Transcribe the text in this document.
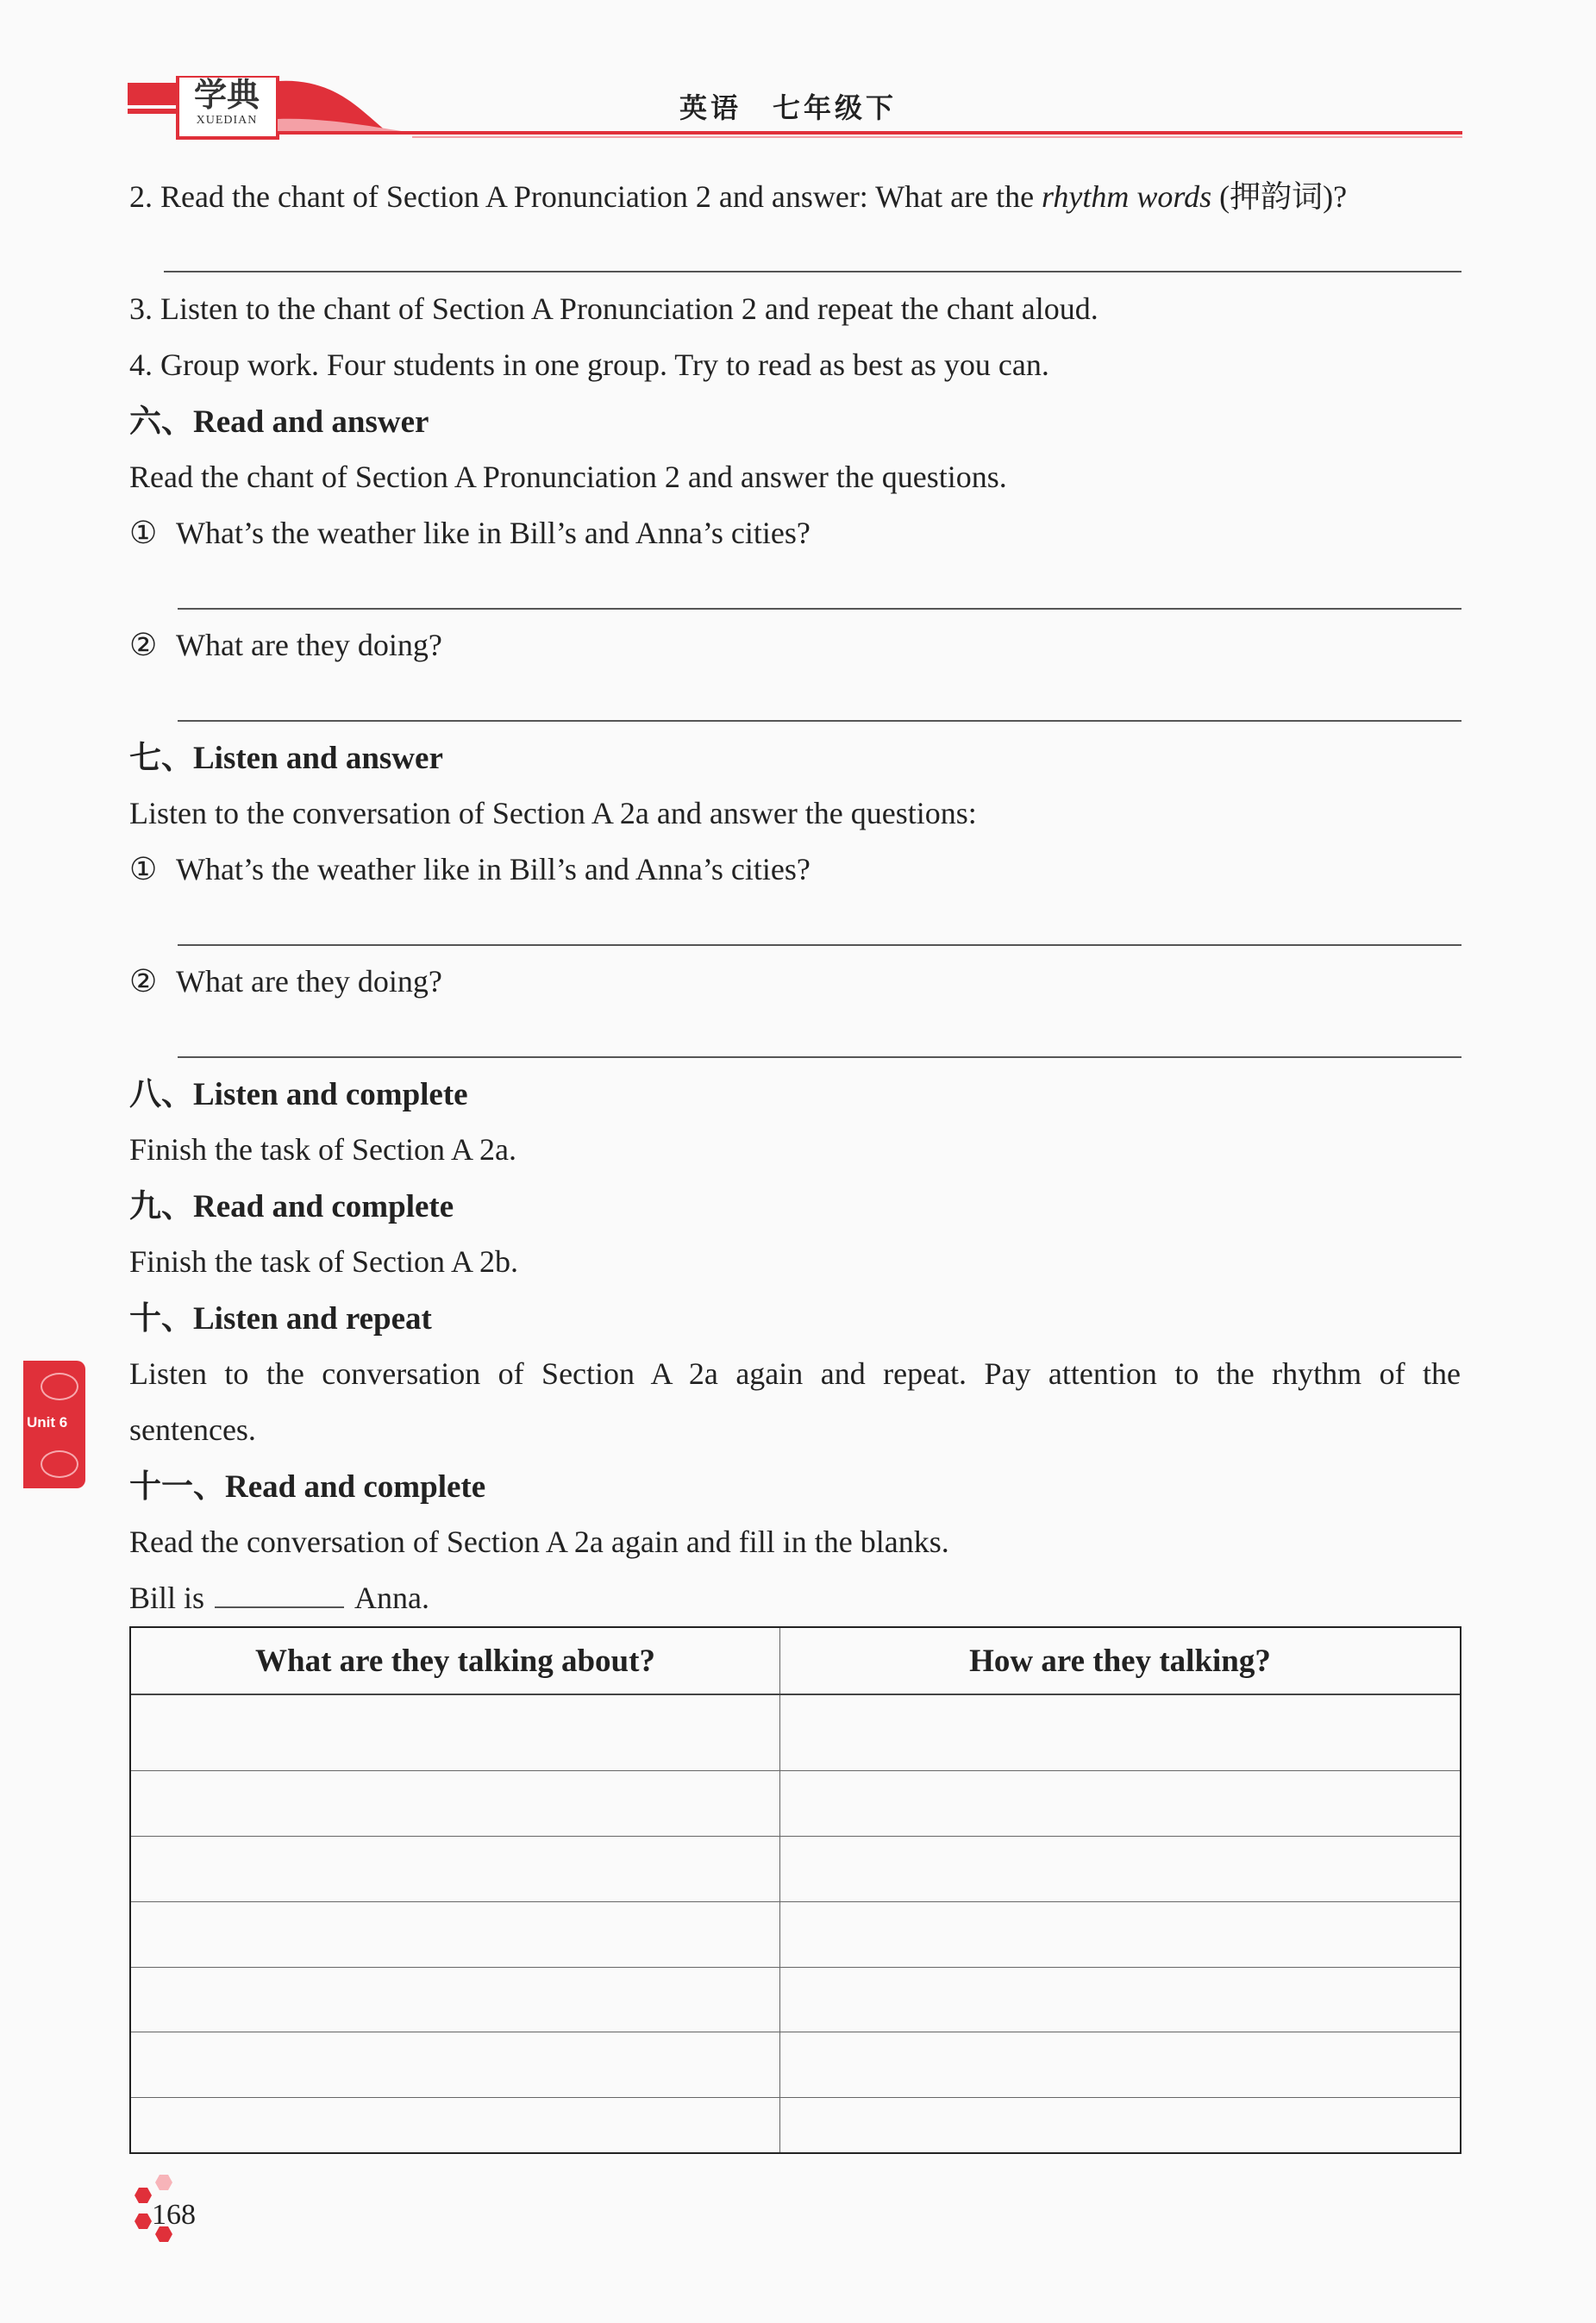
学典
XUEDIAN	英语　七年级下
2. Read the chant of Section A Pronunciation 2 and answer: What are the rhythm words (押韵词)?
3. Listen to the chant of Section A Pronunciation 2 and repeat the chant aloud.
4. Group work. Four students in one group. Try to read as best as you can.
六、Read and answer
Read the chant of Section A Pronunciation 2 and answer the questions.
① What’s the weather like in Bill’s and Anna’s cities?
② What are they doing?
七、Listen and answer
Listen to the conversation of Section A 2a and answer the questions:
① What’s the weather like in Bill’s and Anna’s cities?
② What are they doing?
八、Listen and complete
Finish the task of Section A 2a.
九、Read and complete
Finish the task of Section A 2b.
十、Listen and repeat
Listen to the conversation of Section A 2a again and repeat. Pay attention to the rhythm of the
sentences.
十一、Read and complete
Read the conversation of Section A 2a again and fill in the blanks.
Bill is	Anna.
What are they talking about?	How are they talking?

Unit 6
168
